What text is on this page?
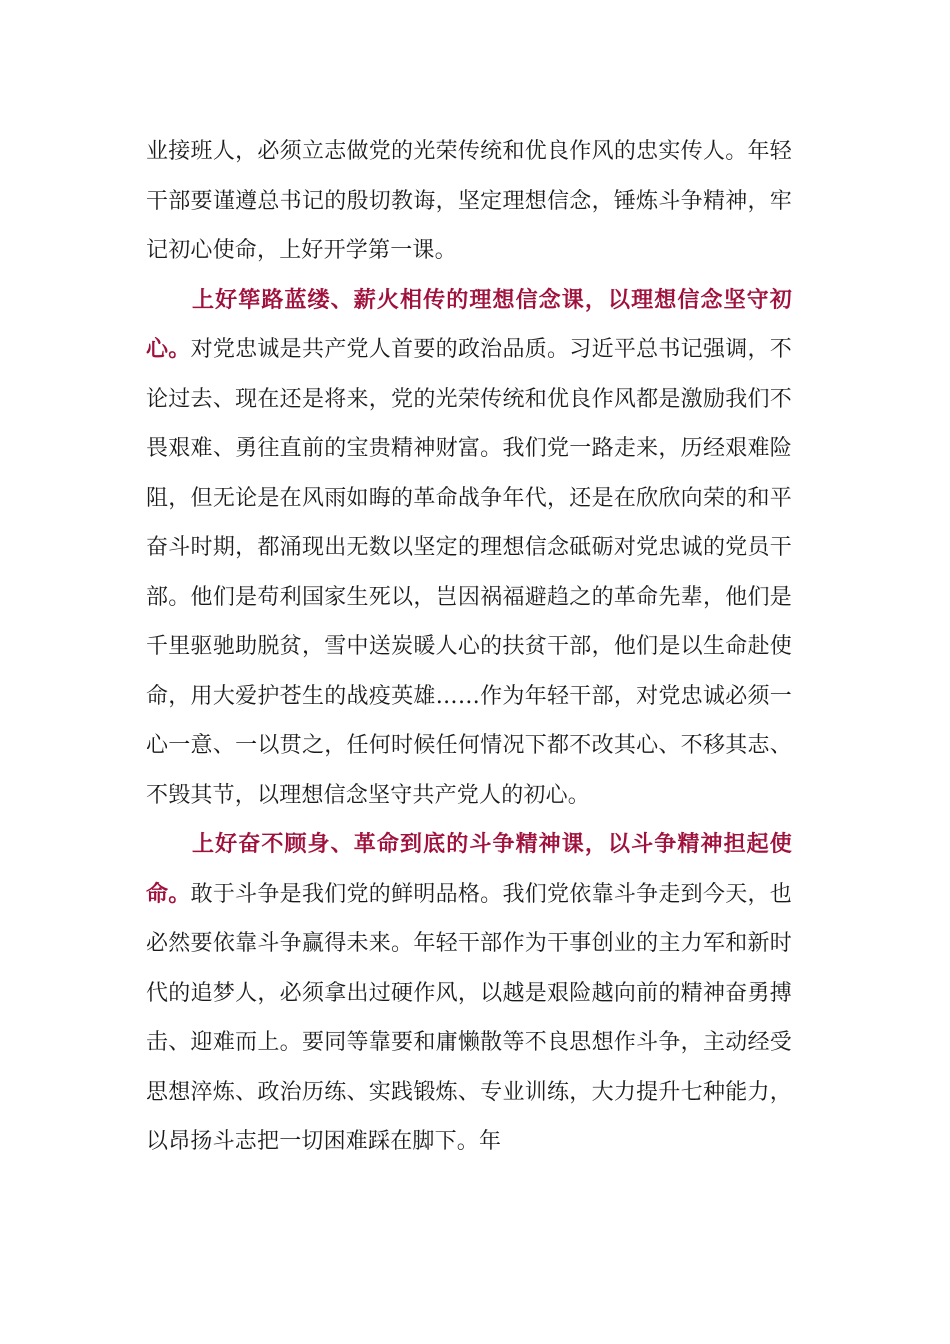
业接班人，必须立志做党的光荣传统和优良作风的忠实传人。年轻干部要谨遵总书记的殷切教诲，坚定理想信念，锤炼斗争精神，牢记初心使命，上好开学第一课。

上好筚路蓝缕、薪火相传的理想信念课，以理想信念坚守初心。对党忠诚是共产党人首要的政治品质。习近平总书记强调，不论过去、现在还是将来，党的光荣传统和优良作风都是激励我们不畏艰难、勇往直前的宝贵精神财富。我们党一路走来，历经艰难险阻，但无论是在风雨如晦的革命战争年代，还是在欣欣向荣的和平奋斗时期，都涌现出无数以坚定的理想信念砥砺对党忠诚的党员干部。他们是苟利国家生死以，岂因祸福避趋之的革命先辈，他们是千里驱驰助脱贫，雪中送炭暖人心的扶贫干部，他们是以生命赴使命，用大爱护苍生的战疫英雄……作为年轻干部，对党忠诚必须一心一意、一以贯之，任何时候任何情况下都不改其心、不移其志、不毁其节，以理想信念坚守共产党人的初心。

上好奋不顾身、革命到底的斗争精神课，以斗争精神担起使命。敢于斗争是我们党的鲜明品格。我们党依靠斗争走到今天，也必然要依靠斗争赢得未来。年轻干部作为干事创业的主力军和新时代的追梦人，必须拿出过硬作风，以越是艰险越向前的精神奋勇搏击、迎难而上。要同等靠要和庸懒散等不良思想作斗争，主动经受思想淬炼、政治历练、实践锻炼、专业训练，大力提升七种能力，以昂扬斗志把一切困难踩在脚下。年
